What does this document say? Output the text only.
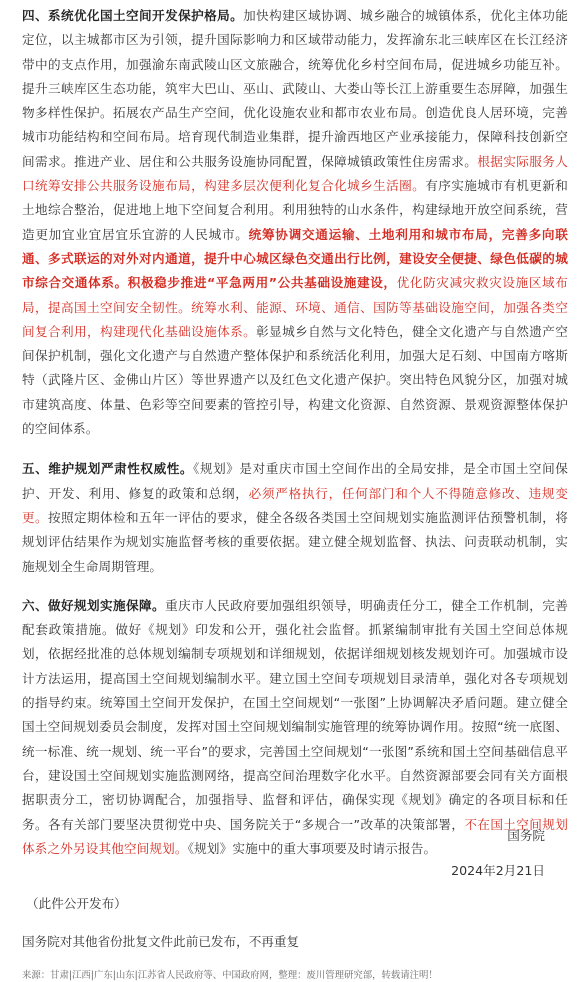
四、系统优化国土空间开发保护格局。加快构建区域协调、城乡融合的城镇体系，优化主体功能定位，以主城都市区为引领，提升国际影响力和区域带动能力，发挥渝东北三峡库区在长江经济带中的支点作用，加强渝东南武陵山区文旅融合，统筹优化乡村空间布局，促进城乡功能互补。提升三峡库区生态功能，筑牢大巴山、巫山、武陵山、大娄山等长江上游重要生态屏障，加强生物多样性保护。拓展农产品生产空间，优化设施农业和都市农业布局。创造优良人居环境，完善城市功能结构和空间布局。培育现代制造业集群，提升渝西地区产业承接能力，保障科技创新空间需求。推进产业、居住和公共服务设施协同配置，保障城镇政策性住房需求。根据实际服务人口统筹安排公共服务设施布局，构建多层次便利化复合化城乡生活圈。有序实施城市有机更新和土地综合整治，促进地上地下空间复合利用。利用独特的山水条件，构建绿地开放空间系统，营造更加宜业宜居宜乐宜游的人民城市。统筹协调交通运输、土地利用和城市布局，完善多向联通、多式联运的对外对内通道，提升中心城区绿色交通出行比例，建设安全便捷、绿色低碳的城市综合交通体系。积极稳步推进“平急两用”公共基础设施建设，优化防灾减灾救灾设施区域布局，提高国土空间安全韧性。统筹水利、能源、环境、通信、国防等基础设施空间，加强各类空间复合利用，构建现代化基础设施体系。彰显城乡自然与文化特色，健全文化遗产与自然遗产空间保护机制，强化文化遗产与自然遗产整体保护和系统活化利用，加强大足石刻、中国南方喀斯特（武隆片区、金佛山片区）等世界遗产以及红色文化遗产保护。突出特色风貌分区，加强对城市建筑高度、体量、色彩等空间要素的管控引导，构建文化资源、自然资源、景观资源整体保护的空间体系。

五、维护规划严肃性权威性。《规划》是对重庆市国土空间作出的全局安排，是全市国土空间保护、开发、利用、修复的政策和总纲，必须严格执行，任何部门和个人不得随意修改、违规变更。按照定期体检和五年一评估的要求，健全各级各类国土空间规划实施监测评估预警机制，将规划评估结果作为规划实施监督考核的重要依据。建立健全规划监督、执法、问责联动机制，实施规划全生命周期管理。

六、做好规划实施保障。重庆市人民政府要加强组织领导，明确责任分工，健全工作机制，完善配套政策措施。做好《规划》印发和公开，强化社会监督。抓紧编制审批有关国土空间总体规划，依据经批准的总体规划编制专项规划和详细规划，依据详细规划核发规划许可。加强城市设计方法运用，提高国土空间规划编制水平。建立国土空间专项规划目录清单，强化对各专项规划的指导约束。统筹国土空间开发保护，在国土空间规划“一张图”上协调解决矛盾问题。建立健全国土空间规划委员会制度，发挥对国土空间规划编制实施管理的统筹协调作用。按照“统一底图、统一标准、统一规划、统一平台”的要求，完善国土空间规划“一张图”系统和国土空间基础信息平台，建设国土空间规划实施监测网络，提高空间治理数字化水平。自然资源部要会同有关方面根据职责分工，密切协调配合，加强指导、监督和评估，确保实现《规划》确定的各项目标和任务。各有关部门要坚决贯彻党中央、国务院关于“多规合一”改革的决策部署，不在国土空间规划体系之外另设其他空间规划。《规划》实施中的重大事项要及时请示报告。

国务院
2024年2月21日
（此件公开发布）
国务院对其他省份批复文件此前已发布，不再重复
来源：甘肃|江西|广东|山东|江苏省人民政府等、中国政府网，整理：废川管理研究部，转载请注明！
